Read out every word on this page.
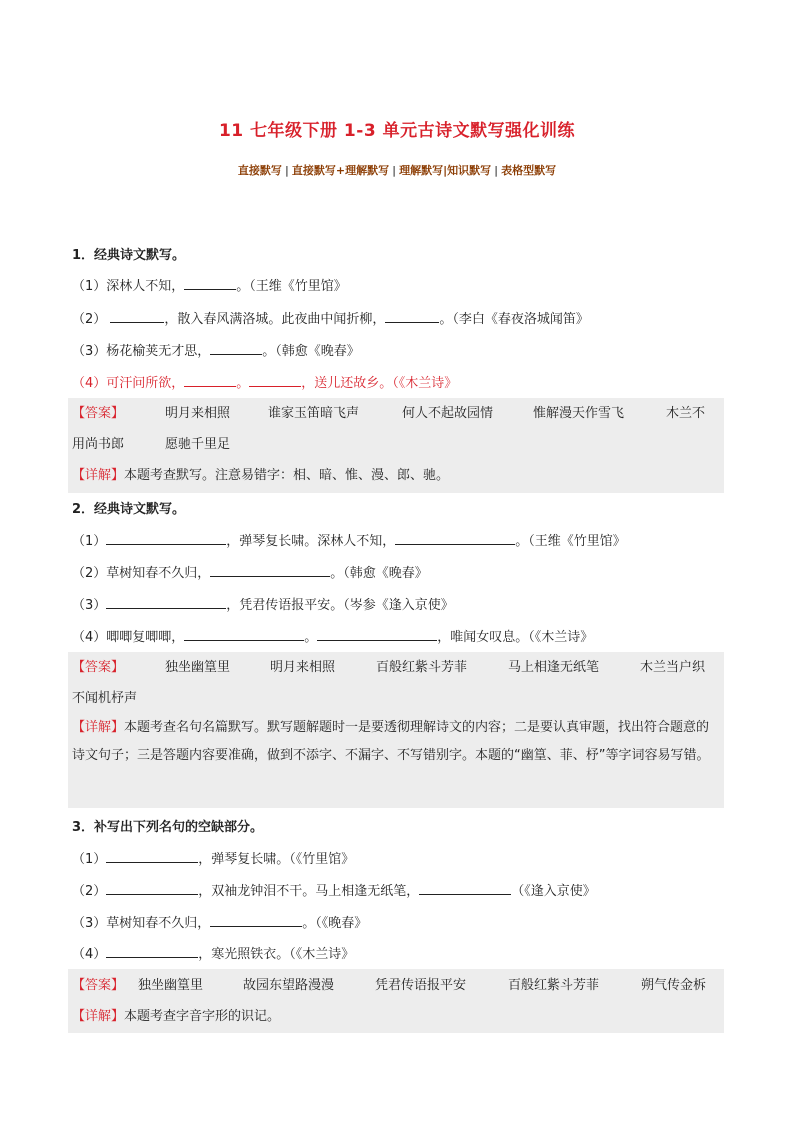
11 七年级下册 1-3 单元古诗文默写强化训练
直接默写 | 直接默写+理解默写 | 理解默写|知识默写 | 表格型默写
1．经典诗文默写。
（1）深林人不知，	。（王维《竹里馆》
（2）	，散入春风满洛城。此夜曲中闻折柳，	。（李白《春夜洛城闻笛》
（3）杨花榆荚无才思，	。（韩愈《晚春》
（4）可汗问所欲，	。	，送儿还故乡。（《木兰诗》
【答案】	明月来相照	谁家玉笛暗飞声	何人不起故园情	惟解漫天作雪飞	木兰不
用尚书郎	愿驰千里足
【详解】本题考查默写。注意易错字：相、暗、惟、漫、郎、驰。
2．经典诗文默写。
（1）	，弹琴复长啸。深林人不知，	。（王维《竹里馆》
（2）草树知春不久归，	。（韩愈《晚春》
（3）	，凭君传语报平安。（岑参《逢入京使》
（4）唧唧复唧唧，	。	，唯闻女叹息。（《木兰诗》
【答案】	独坐幽篁里	明月来相照	百般红紫斗芳菲	马上相逢无纸笔	木兰当户织
不闻机杼声
【详解】本题考查名句名篇默写。默写题解题时一是要透彻理解诗文的内容；二是要认真审题，找出符合题意的诗文句子；三是答题内容要准确，做到不添字、不漏字、不写错别字。本题的“幽篁、菲、杼”等字词容易写错。
3．补写出下列名句的空缺部分。
（1）	，弹琴复长啸。（《竹里馆》
（2）	，双袖龙钟泪不干。马上相逢无纸笔，	（《逢入京使》
（3）草树知春不久归，	。（《晚春》
（4）	，寒光照铁衣。（《木兰诗》
【答案】 独坐幽篁里	故园东望路漫漫	凭君传语报平安	百般红紫斗芳菲	朔气传金柝
【详解】本题考查字音字形的识记。
